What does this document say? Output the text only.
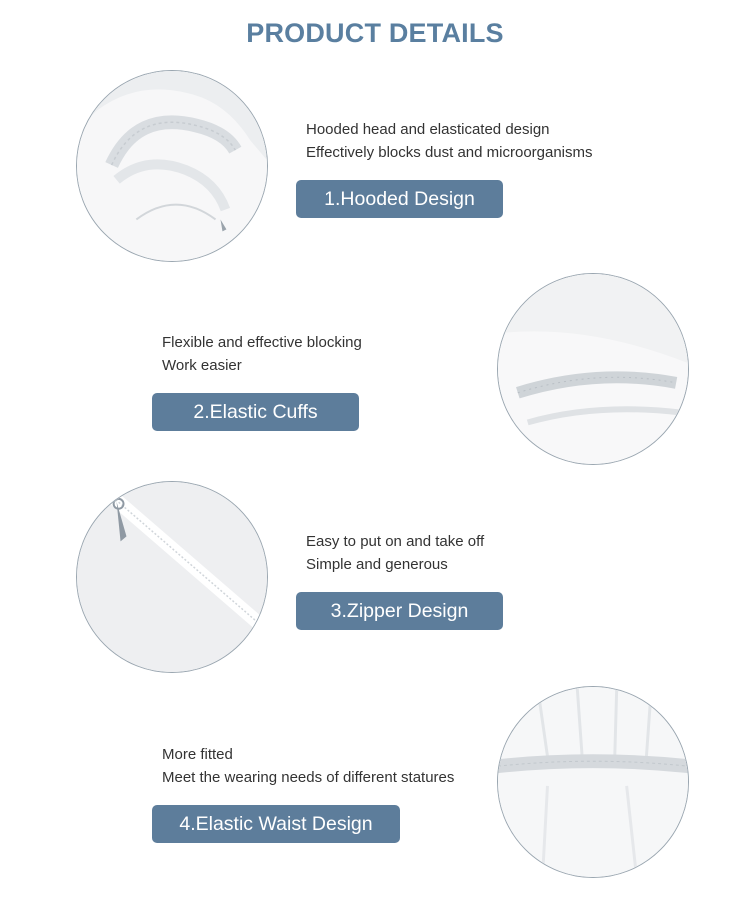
PRODUCT DETAILS
Hooded head and elasticated design
Effectively blocks dust and microorganisms
1.Hooded Design
Flexible and effective blocking
Work easier
2.Elastic Cuffs
Easy to put on and take off
Simple and generous
3.Zipper Design
More fitted
Meet the wearing needs of different statures
4.Elastic Waist Design
